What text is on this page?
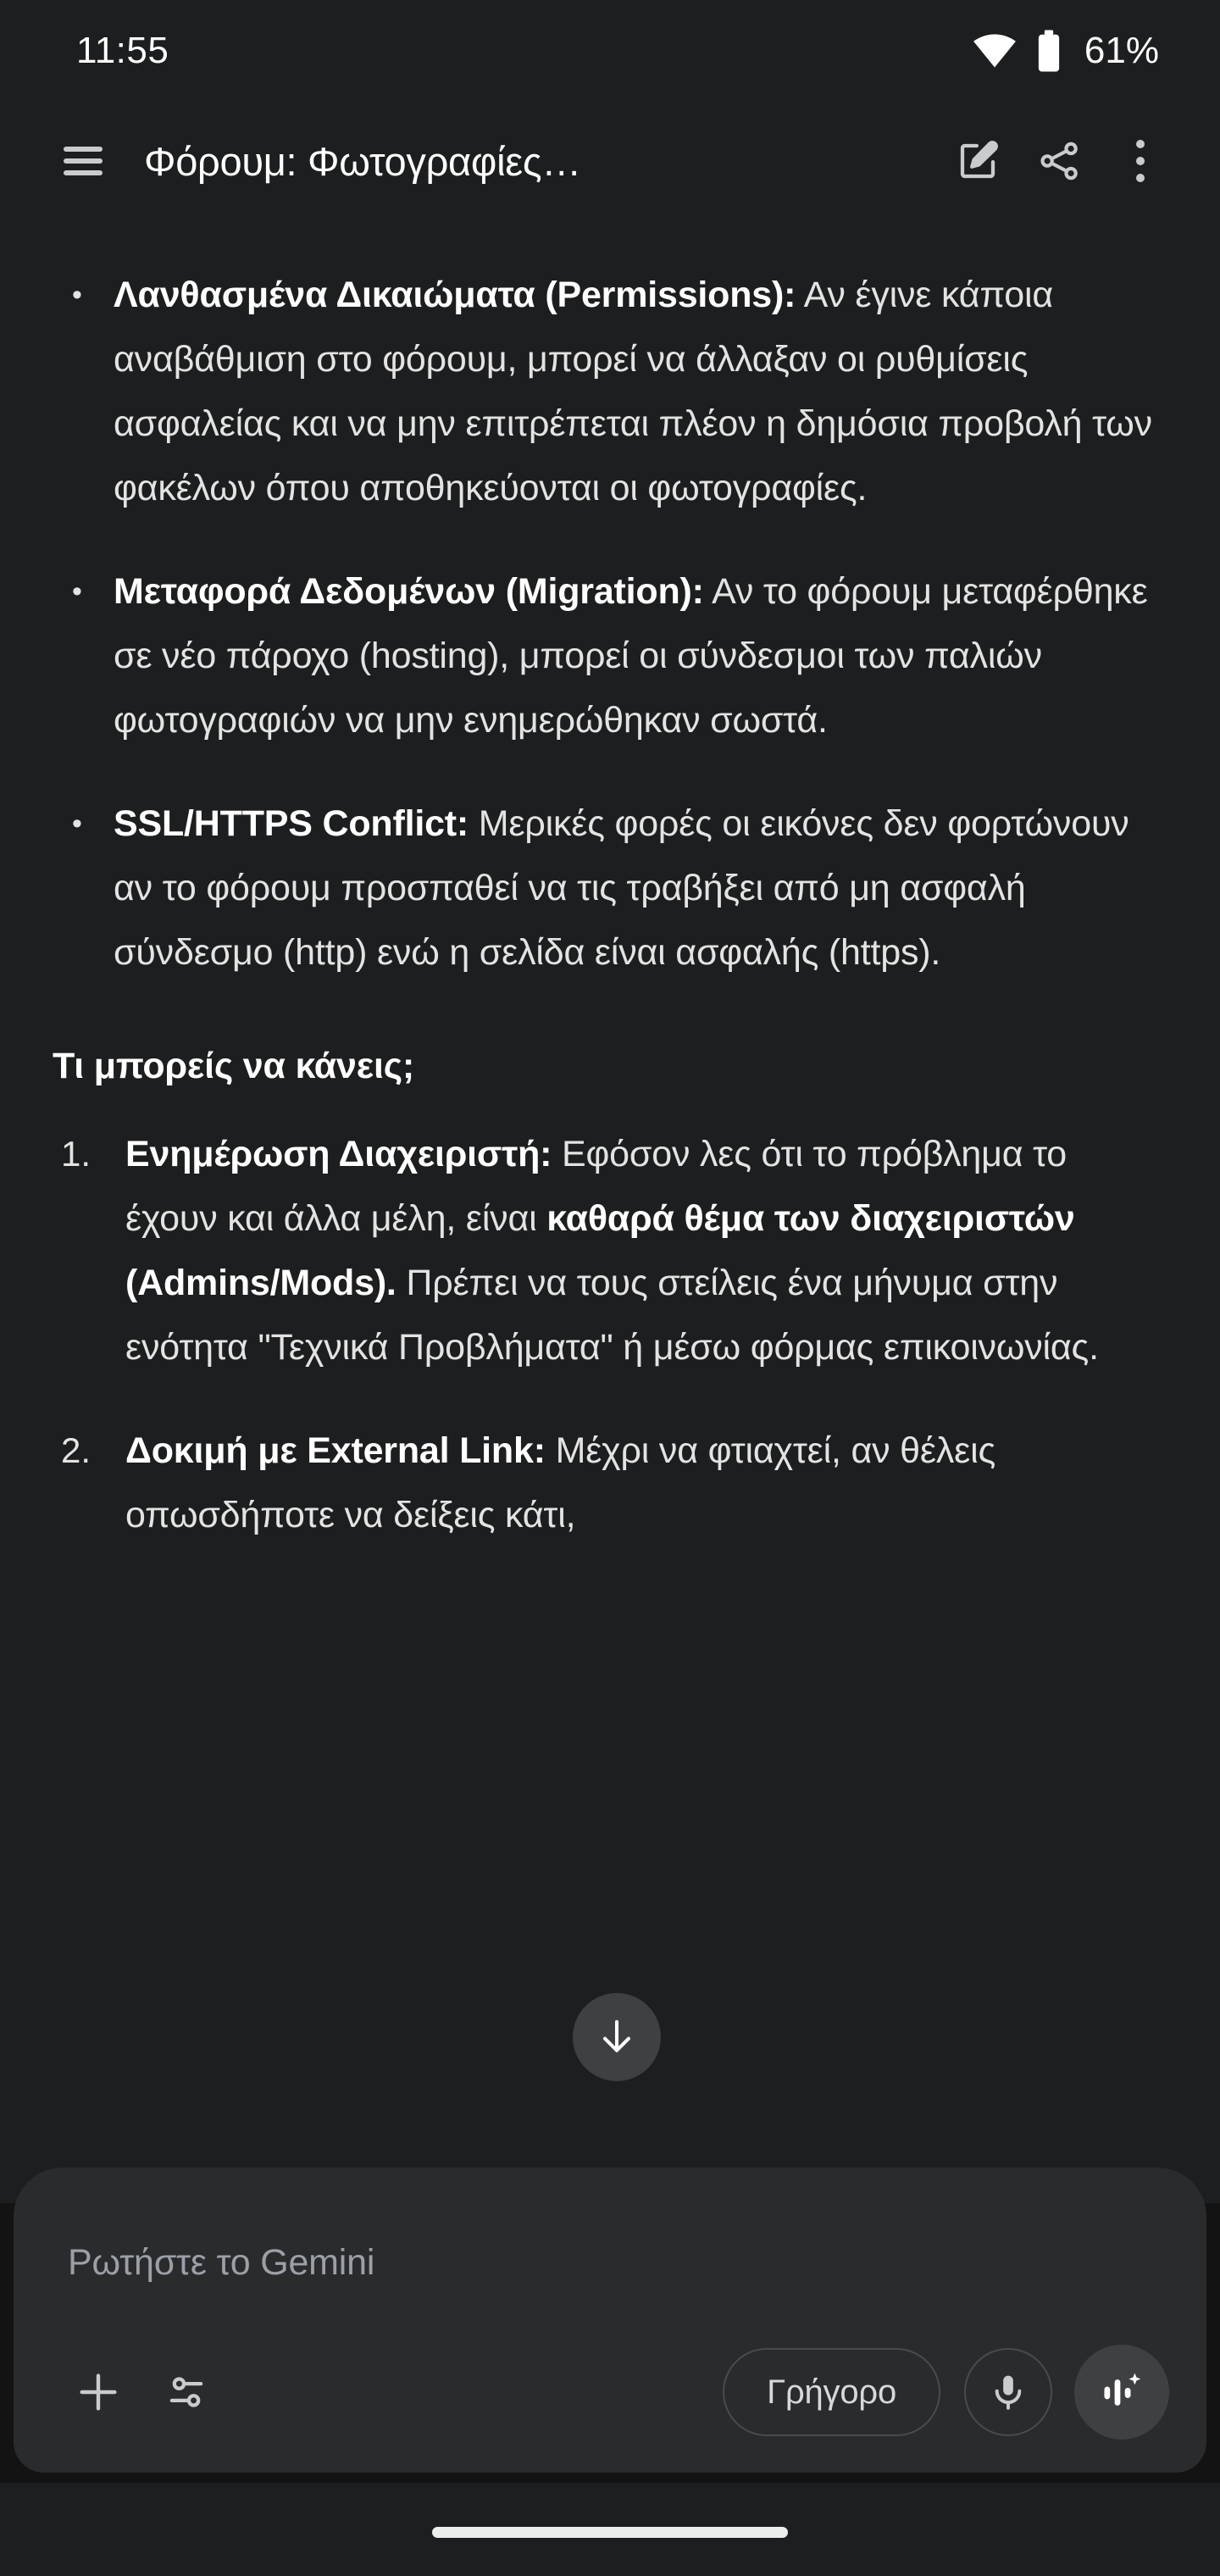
11:55	61%
Φόρουμ: Φωτογραφίες…
• Λανθασμένα Δικαιώματα (Permissions): Αν έγινε κάποια αναβάθμιση στο φόρουμ, μπορεί να άλλαξαν οι ρυθμίσεις ασφαλείας και να μην επιτρέπεται πλέον η δημόσια προβολή των φακέλων όπου αποθηκεύονται οι φωτογραφίες.
• Μεταφορά Δεδομένων (Migration): Αν το φόρουμ μεταφέρθηκε σε νέο πάροχο (hosting), μπορεί οι σύνδεσμοι των παλιών φωτογραφιών να μην ενημερώθηκαν σωστά.
• SSL/HTTPS Conflict: Μερικές φορές οι εικόνες δεν φορτώνουν αν το φόρουμ προσπαθεί να τις τραβήξει από μη ασφαλή σύνδεσμο (http) ενώ η σελίδα είναι ασφαλής (https).
Τι μπορείς να κάνεις;
1. Ενημέρωση Διαχειριστή: Εφόσον λες ότι το πρόβλημα το έχουν και άλλα μέλη, είναι καθαρά θέμα των διαχειριστών (Admins/Mods). Πρέπει να τους στείλεις ένα μήνυμα στην ενότητα "Τεχνικά Προβλήματα" ή μέσω φόρμας επικοινωνίας.
2. Δοκιμή με External Link: Μέχρι να φτιαχτεί, αν θέλεις οπωσδήποτε να δείξεις κάτι,
Ρωτήστε το Gemini
Γρήγορο
